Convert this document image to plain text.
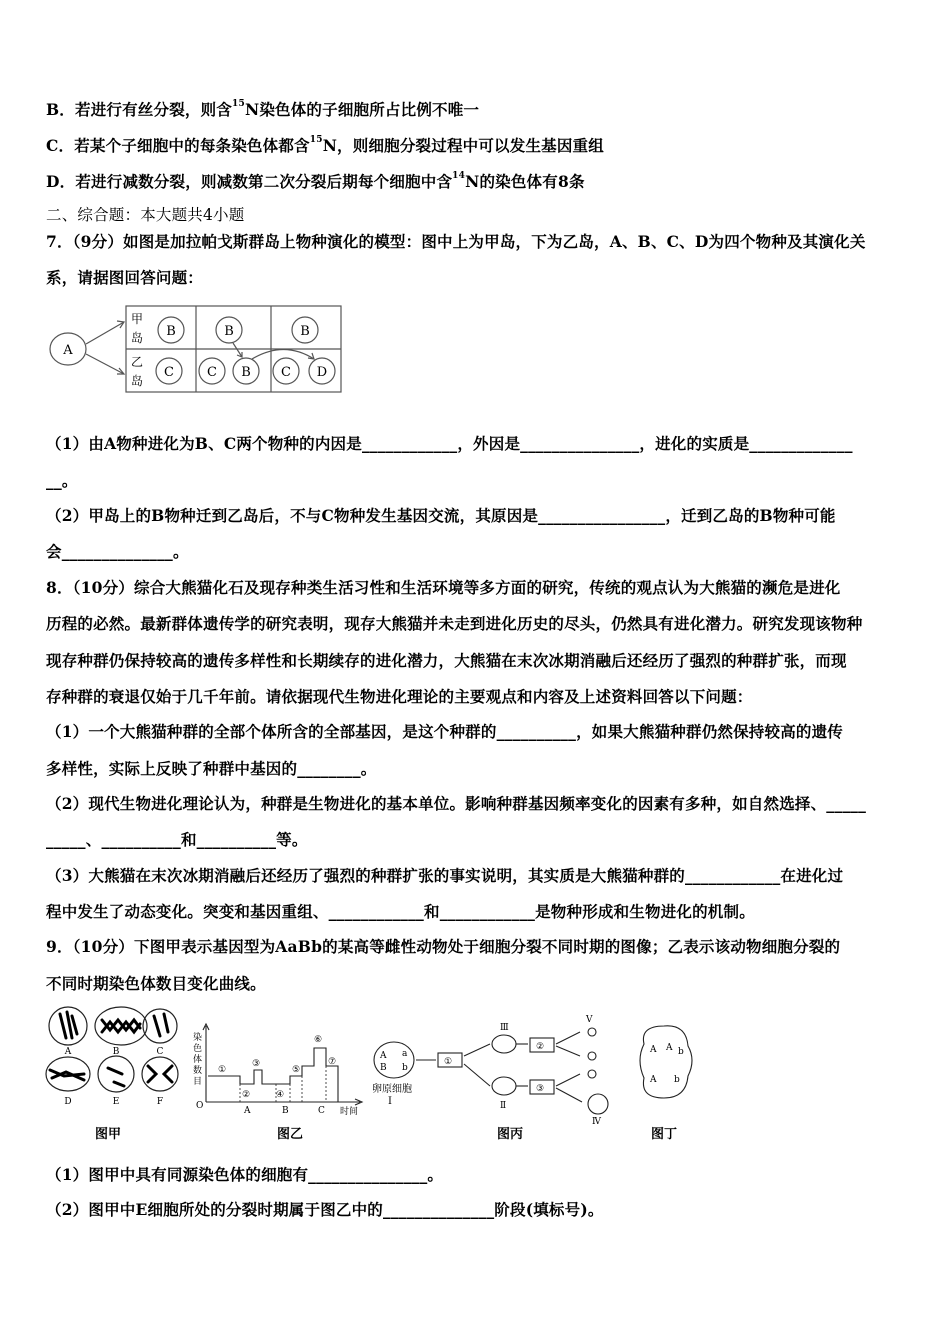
B．若进行有丝分裂，则含$^{15}$N染色体的子细胞所占比例不唯一
C．若某个子细胞中的每条染色体都含$^{15}$N，则细胞分裂过程中可以发生基因重组
D．若进行减数分裂，则减数第二次分裂后期每个细胞中含$^{14}$N的染色体有8条
二、综合题：本大题共4小题
7．（9分）如图是加拉帕戈斯群岛上物种演化的模型：图中上为甲岛，下为乙岛，A、B、C、D为四个物种及其演化关
系，请据图回答问题：
A
B	B	B
C	C B C D
甲
岛
乙
岛
（1）由A物种进化为B、C两个物种的内因是____________，外因是_______________，进化的实质是_____________
__。
（2）甲岛上的B物种迁到乙岛后，不与C物种发生基因交流，其原因是________________，迁到乙岛的B物种可能
会______________。
8．（10分）综合大熊猫化石及现存种类生活习性和生活环境等多方面的研究，传统的观点认为大熊猫的濒危是进化
历程的必然。最新群体遗传学的研究表明，现存大熊猫并未走到进化历史的尽头，仍然具有进化潜力。研究发现该物种
现存种群仍保持较高的遗传多样性和长期续存的进化潜力，大熊猫在末次冰期消融后还经历了强烈的种群扩张，而现
存种群的衰退仅始于几千年前。请依据现代生物进化理论的主要观点和内容及上述资料回答以下问题：
（1）一个大熊猫种群的全部个体所含的全部基因，是这个种群的__________，如果大熊猫种群仍然保持较高的遗传
多样性，实际上反映了种群中基因的________。
（2）现代生物进化理论认为，种群是生物进化的基本单位。影响种群基因频率变化的因素有多种，如自然选择、_____
_____、__________和__________等。
（3）大熊猫在末次冰期消融后还经历了强烈的种群扩张的事实说明，其实质是大熊猫种群的____________在进化过
程中发生了动态变化。突变和基因重组、____________和____________是物种形成和生物进化的机制。
9．（10分）下图甲表示基因型为AaBb的某高等雌性动物处于细胞分裂不同时期的图像；乙表示该动物细胞分裂的
不同时期染色体数目变化曲线。
A	B	C
D	E	F
染
色
体
数
目
O
时间
A	B	C
①
②
③
④
⑤
⑥
⑦
A a
B b
卵原细胞
Ⅰ
①
②
③
Ⅲ
Ⅱ
Ⅴ
Ⅳ
A A b
A b
图甲	图乙	图丙	图丁
（1）图甲中具有同源染色体的细胞有_______________。
（2）图甲中E细胞所处的分裂时期属于图乙中的______________阶段(填标号)。
